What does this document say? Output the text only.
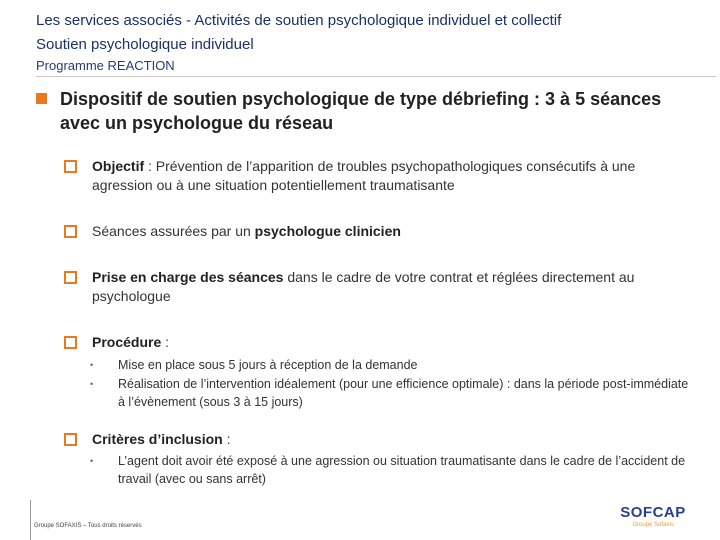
Les services associés - Activités de soutien psychologique individuel et collectif
Soutien psychologique individuel
Programme REACTION
Dispositif de soutien psychologique de type débriefing : 3 à 5 séances avec un psychologue du réseau
Objectif : Prévention de l’apparition de troubles psychopathologiques consécutifs à une agression ou à une situation potentiellement traumatisante
Séances assurées par un psychologue clinicien
Prise en charge des séances dans le cadre de votre contrat et réglées directement au psychologue
Procédure :
• Mise en place sous 5 jours à réception de la demande
• Réalisation de l’intervention idéalement (pour une efficience optimale) : dans la période post-immédiate à l’évènement (sous 3 à 15 jours)
Critères d’inclusion :
• L’agent doit avoir été exposé à une agression ou situation traumatisante dans le cadre de l’accident de travail (avec ou sans arrêt)
Groupe SOFAXIS – Tous droits réservés
SOFCAP
Groupe Sofaxis
